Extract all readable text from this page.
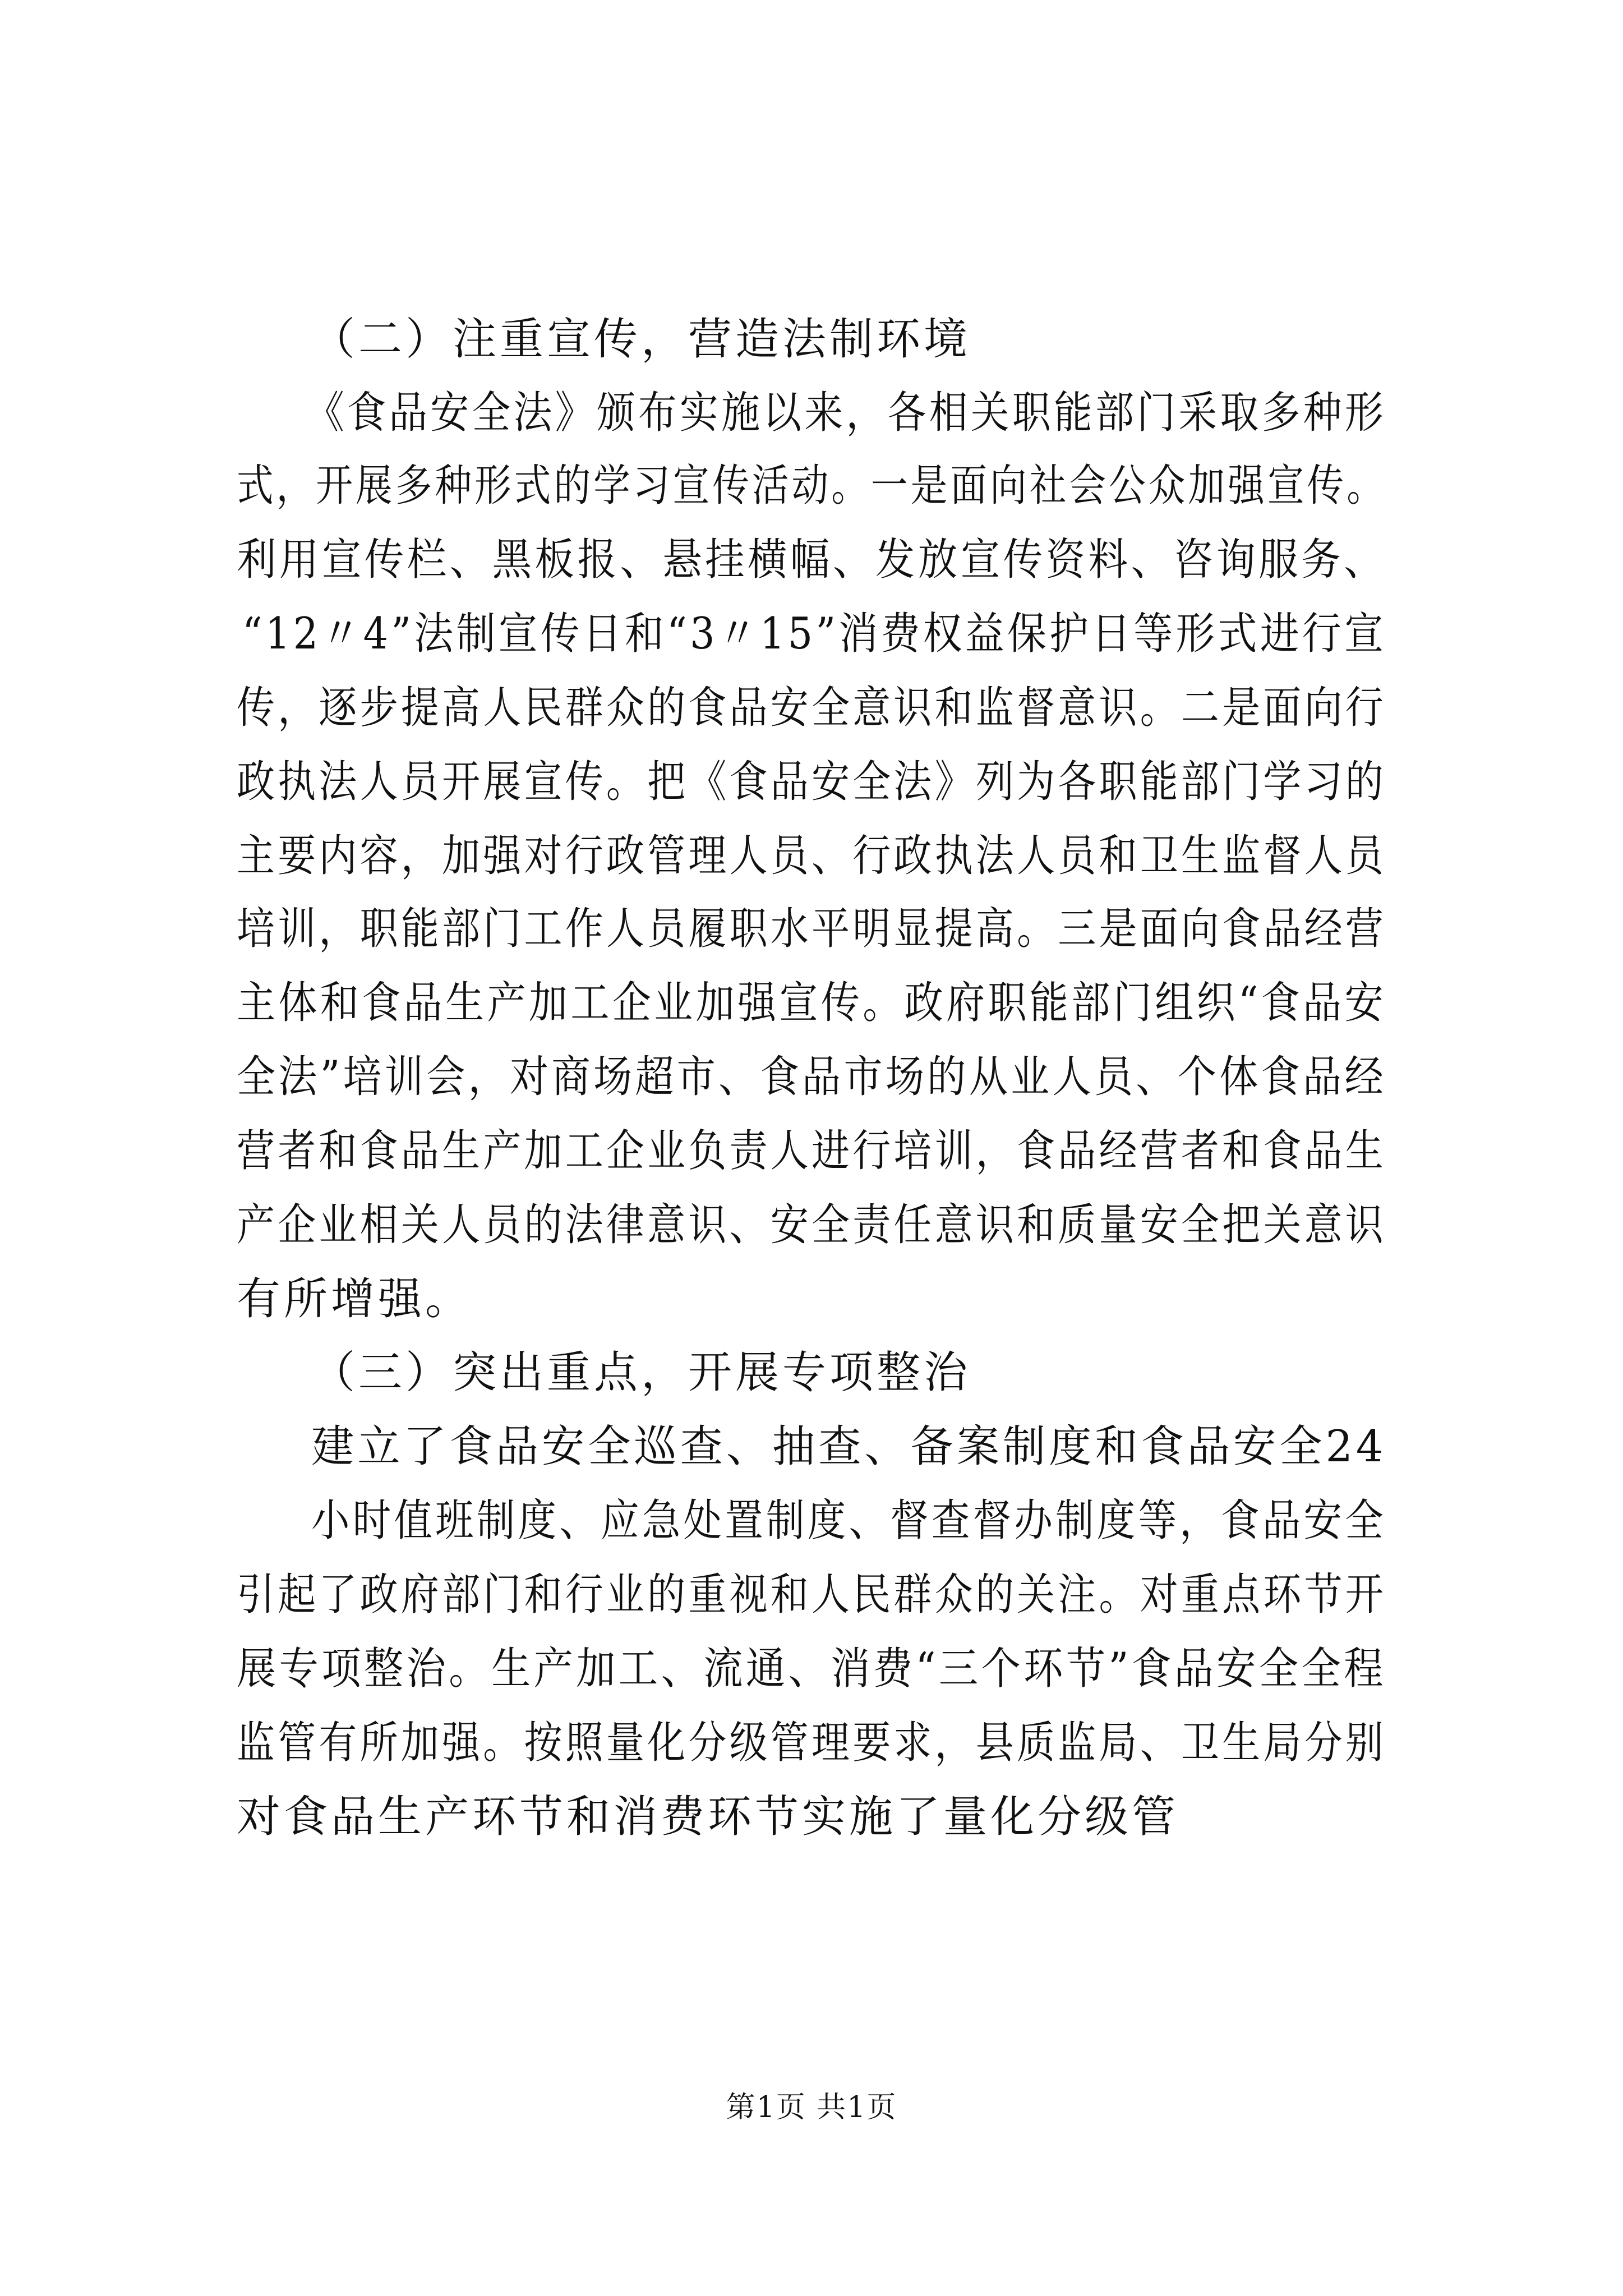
（二）注重宣传，营造法制环境
《食品安全法》颁布实施以来，各相关职能部门采取多种形
式，开展多种形式的学习宣传活动。一是面向社会公众加强宣传。
利用宣传栏、黑板报、悬挂横幅、发放宣传资料、咨询服务、
“12〃4”法制宣传日和“3〃15”消费权益保护日等形式进行宣
传，逐步提高人民群众的食品安全意识和监督意识。二是面向行
政执法人员开展宣传。把《食品安全法》列为各职能部门学习的
主要内容，加强对行政管理人员、行政执法人员和卫生监督人员
培训，职能部门工作人员履职水平明显提高。三是面向食品经营
主体和食品生产加工企业加强宣传。政府职能部门组织“食品安
全法”培训会，对商场超市、食品市场的从业人员、个体食品经
营者和食品生产加工企业负责人进行培训，食品经营者和食品生
产企业相关人员的法律意识、安全责任意识和质量安全把关意识
有所增强。
（三）突出重点，开展专项整治
建立了食品安全巡查、抽查、备案制度和食品安全24
小时值班制度、应急处置制度、督查督办制度等，食品安全
引起了政府部门和行业的重视和人民群众的关注。对重点环节开
展专项整治。生产加工、流通、消费“三个环节”食品安全全程
监管有所加强。按照量化分级管理要求，县质监局、卫生局分别
对食品生产环节和消费环节实施了量化分级管
第1页 共1页
